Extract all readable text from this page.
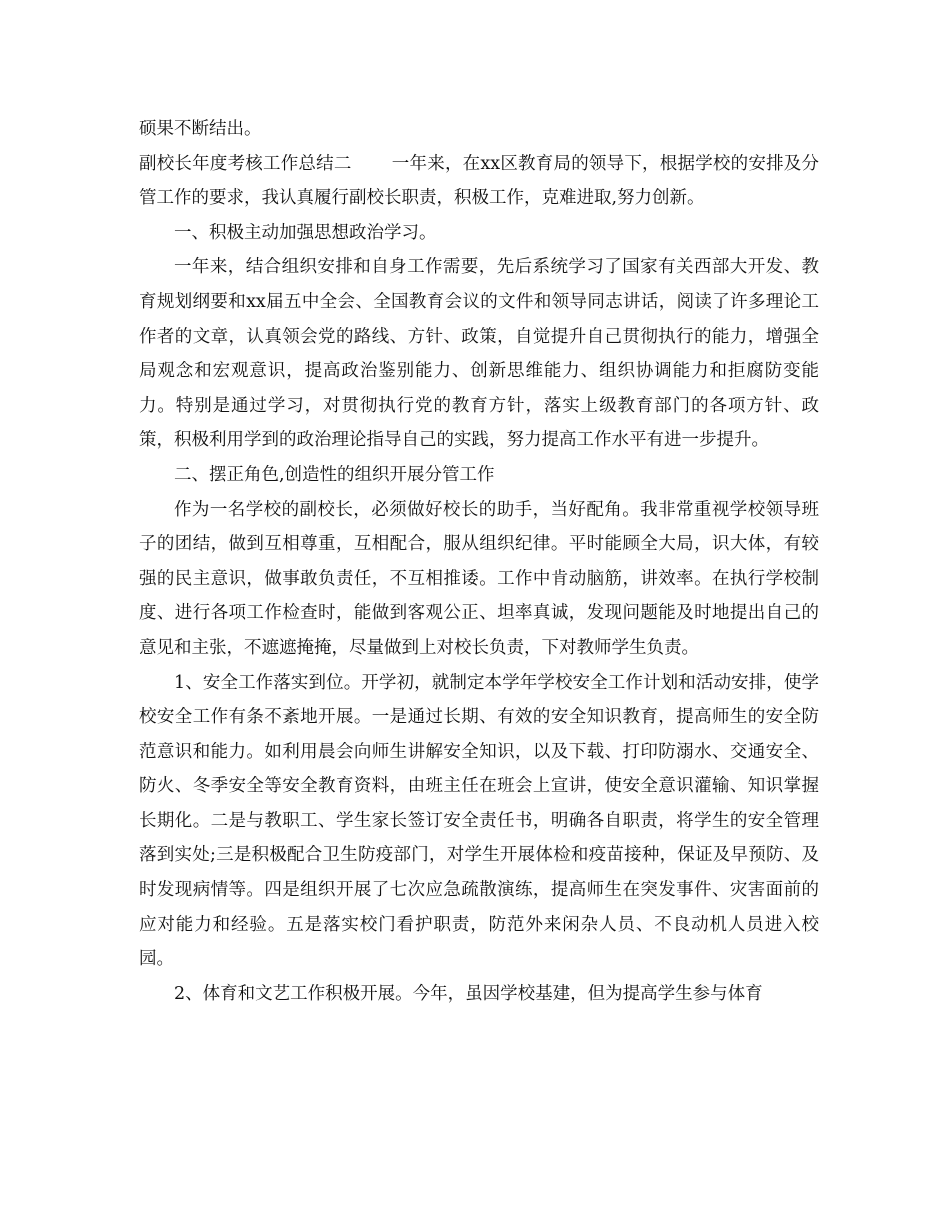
硕果不断结出。

副校长年度考核工作总结二 一年来，在xx区教育局的领导下，根据学校的安排及分管工作的要求，我认真履行副校长职责，积极工作，克难进取,努力创新。

一、积极主动加强思想政治学习。

一年来，结合组织安排和自身工作需要，先后系统学习了国家有关西部大开发、教育规划纲要和xx届五中全会、全国教育会议的文件和领导同志讲话，阅读了许多理论工作者的文章，认真领会党的路线、方针、政策，自觉提升自己贯彻执行的能力，增强全局观念和宏观意识，提高政治鉴别能力、创新思维能力、组织协调能力和拒腐防变能力。特别是通过学习，对贯彻执行党的教育方针，落实上级教育部门的各项方针、政策，积极利用学到的政治理论指导自己的实践，努力提高工作水平有进一步提升。

二、摆正角色,创造性的组织开展分管工作

作为一名学校的副校长，必须做好校长的助手，当好配角。我非常重视学校领导班子的团结，做到互相尊重，互相配合，服从组织纪律。平时能顾全大局，识大体，有较强的民主意识，做事敢负责任，不互相推诿。工作中肯动脑筋，讲效率。在执行学校制度、进行各项工作检查时，能做到客观公正、坦率真诚，发现问题能及时地提出自己的意见和主张，不遮遮掩掩，尽量做到上对校长负责，下对教师学生负责。

1、安全工作落实到位。开学初，就制定本学年学校安全工作计划和活动安排，使学校安全工作有条不紊地开展。一是通过长期、有效的安全知识教育，提高师生的安全防范意识和能力。如利用晨会向师生讲解安全知识，以及下载、打印防溺水、交通安全、防火、冬季安全等安全教育资料，由班主任在班会上宣讲，使安全意识灌输、知识掌握长期化。二是与教职工、学生家长签订安全责任书，明确各自职责，将学生的安全管理落到实处;三是积极配合卫生防疫部门，对学生开展体检和疫苗接种，保证及早预防、及时发现病情等。四是组织开展了七次应急疏散演练，提高师生在突发事件、灾害面前的应对能力和经验。五是落实校门看护职责，防范外来闲杂人员、不良动机人员进入校园。

2、体育和文艺工作积极开展。今年，虽因学校基建，但为提高学生参与体育
